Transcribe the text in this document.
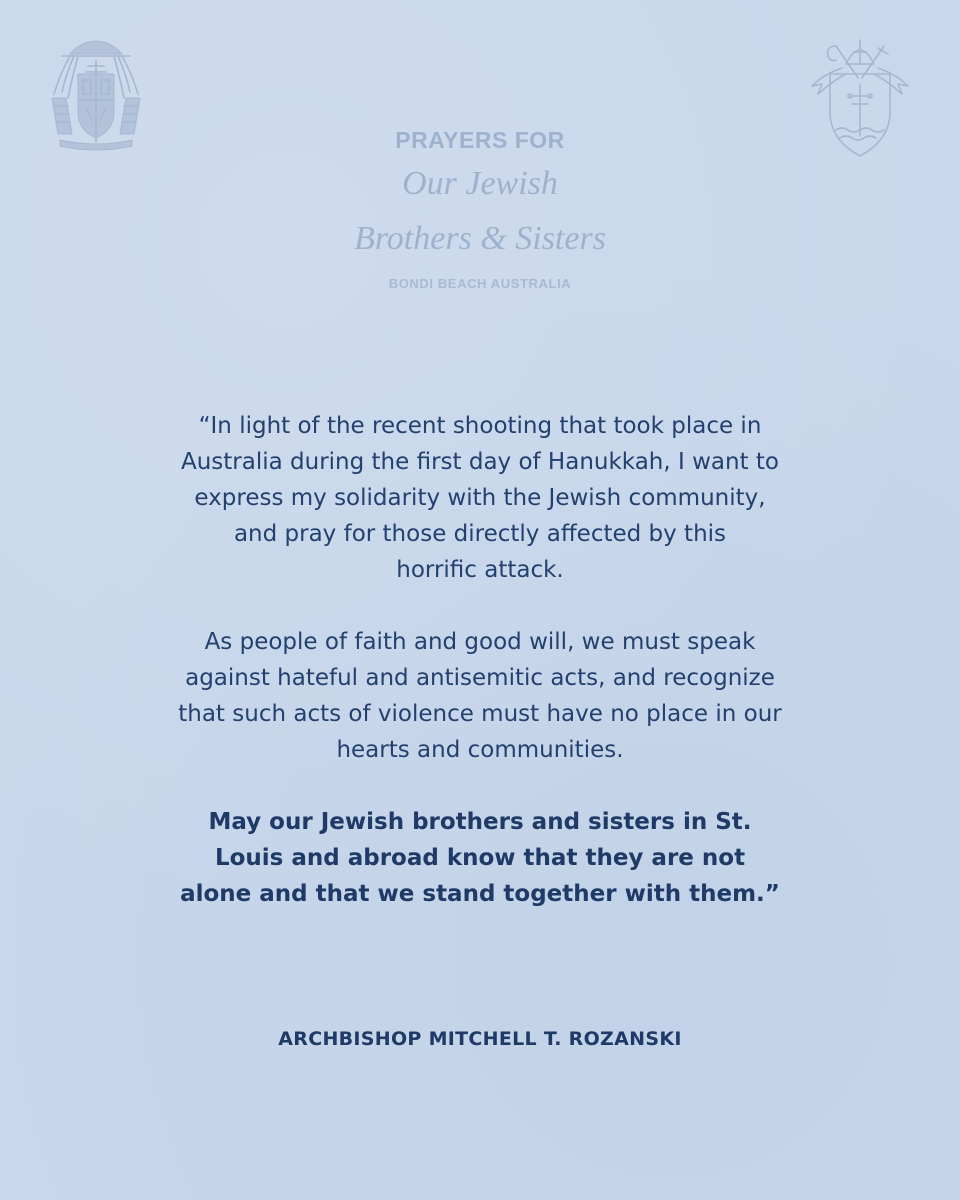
PRAYERS FOR
Our Jewish
Brothers & Sisters
BONDI BEACH AUSTRALIA

“In light of the recent shooting that took place in
Australia during the first day of Hanukkah, I want to
express my solidarity with the Jewish community,
and pray for those directly affected by this
horrific attack.

As people of faith and good will, we must speak
against hateful and antisemitic acts, and recognize
that such acts of violence must have no place in our
hearts and communities.

May our Jewish brothers and sisters in St.
Louis and abroad know that they are not
alone and that we stand together with them.”

ARCHBISHOP MITCHELL T. ROZANSKI
